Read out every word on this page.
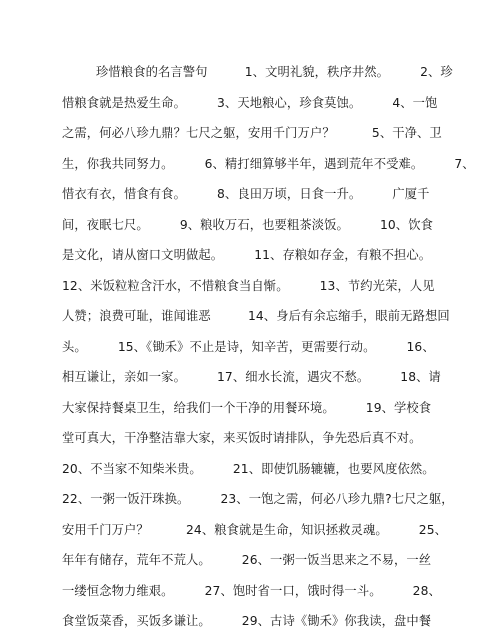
珍惜粮食的名言警句　　　1、文明礼貌，秩序井然。　　　2、珍
惜粮食就是热爱生命。　　　3、天地粮心，珍食莫蚀。　　　4、一饱
之需，何必八珍九鼎？七尺之躯，安用千门万户？　　　5、干净、卫
生，你我共同努力。　　　6、精打细算够半年，遇到荒年不受难。　　　7、
惜衣有衣，惜食有食。　　　8、良田万顷，日食一升。　　　广厦千
间，夜眠七尺。　　　9、粮收万石，也要粗茶淡饭。　　　10、饮食
是文化，请从窗口文明做起。　　　11、存粮如存金，有粮不担心。
12、米饭粒粒含汗水，不惜粮食当自惭。　　　13、节约光荣，人见
人赞；浪费可耻，谁闻谁恶　　　14、身后有余忘缩手，眼前无路想回
头。　　　15、《锄禾》不止是诗，知辛苦，更需要行动。　　　16、
相互谦让，亲如一家。　　　17、细水长流，遇灾不愁。　　　18、请
大家保持餐桌卫生，给我们一个干净的用餐环境。　　　19、学校食
堂可真大，干净整洁靠大家，来买饭时请排队，争先恐后真不对。
20、不当家不知柴米贵。　　　21、即使饥肠辘辘，也要风度依然。
22、一粥一饭汗珠换。　　　23、一饱之需，何必八珍九鼎?七尺之躯，
安用千门万户？　　　24、粮食就是生命，知识拯救灵魂。　　　25、
年年有储存，荒年不荒人。　　　26、一粥一饭当思来之不易，一丝
一缕恒念物力维艰。　　　27、饱时省一口，饿时得一斗。　　　28、
食堂饭菜香，买饭多谦让。　　　29、古诗《锄禾》你我读，盘中餐
